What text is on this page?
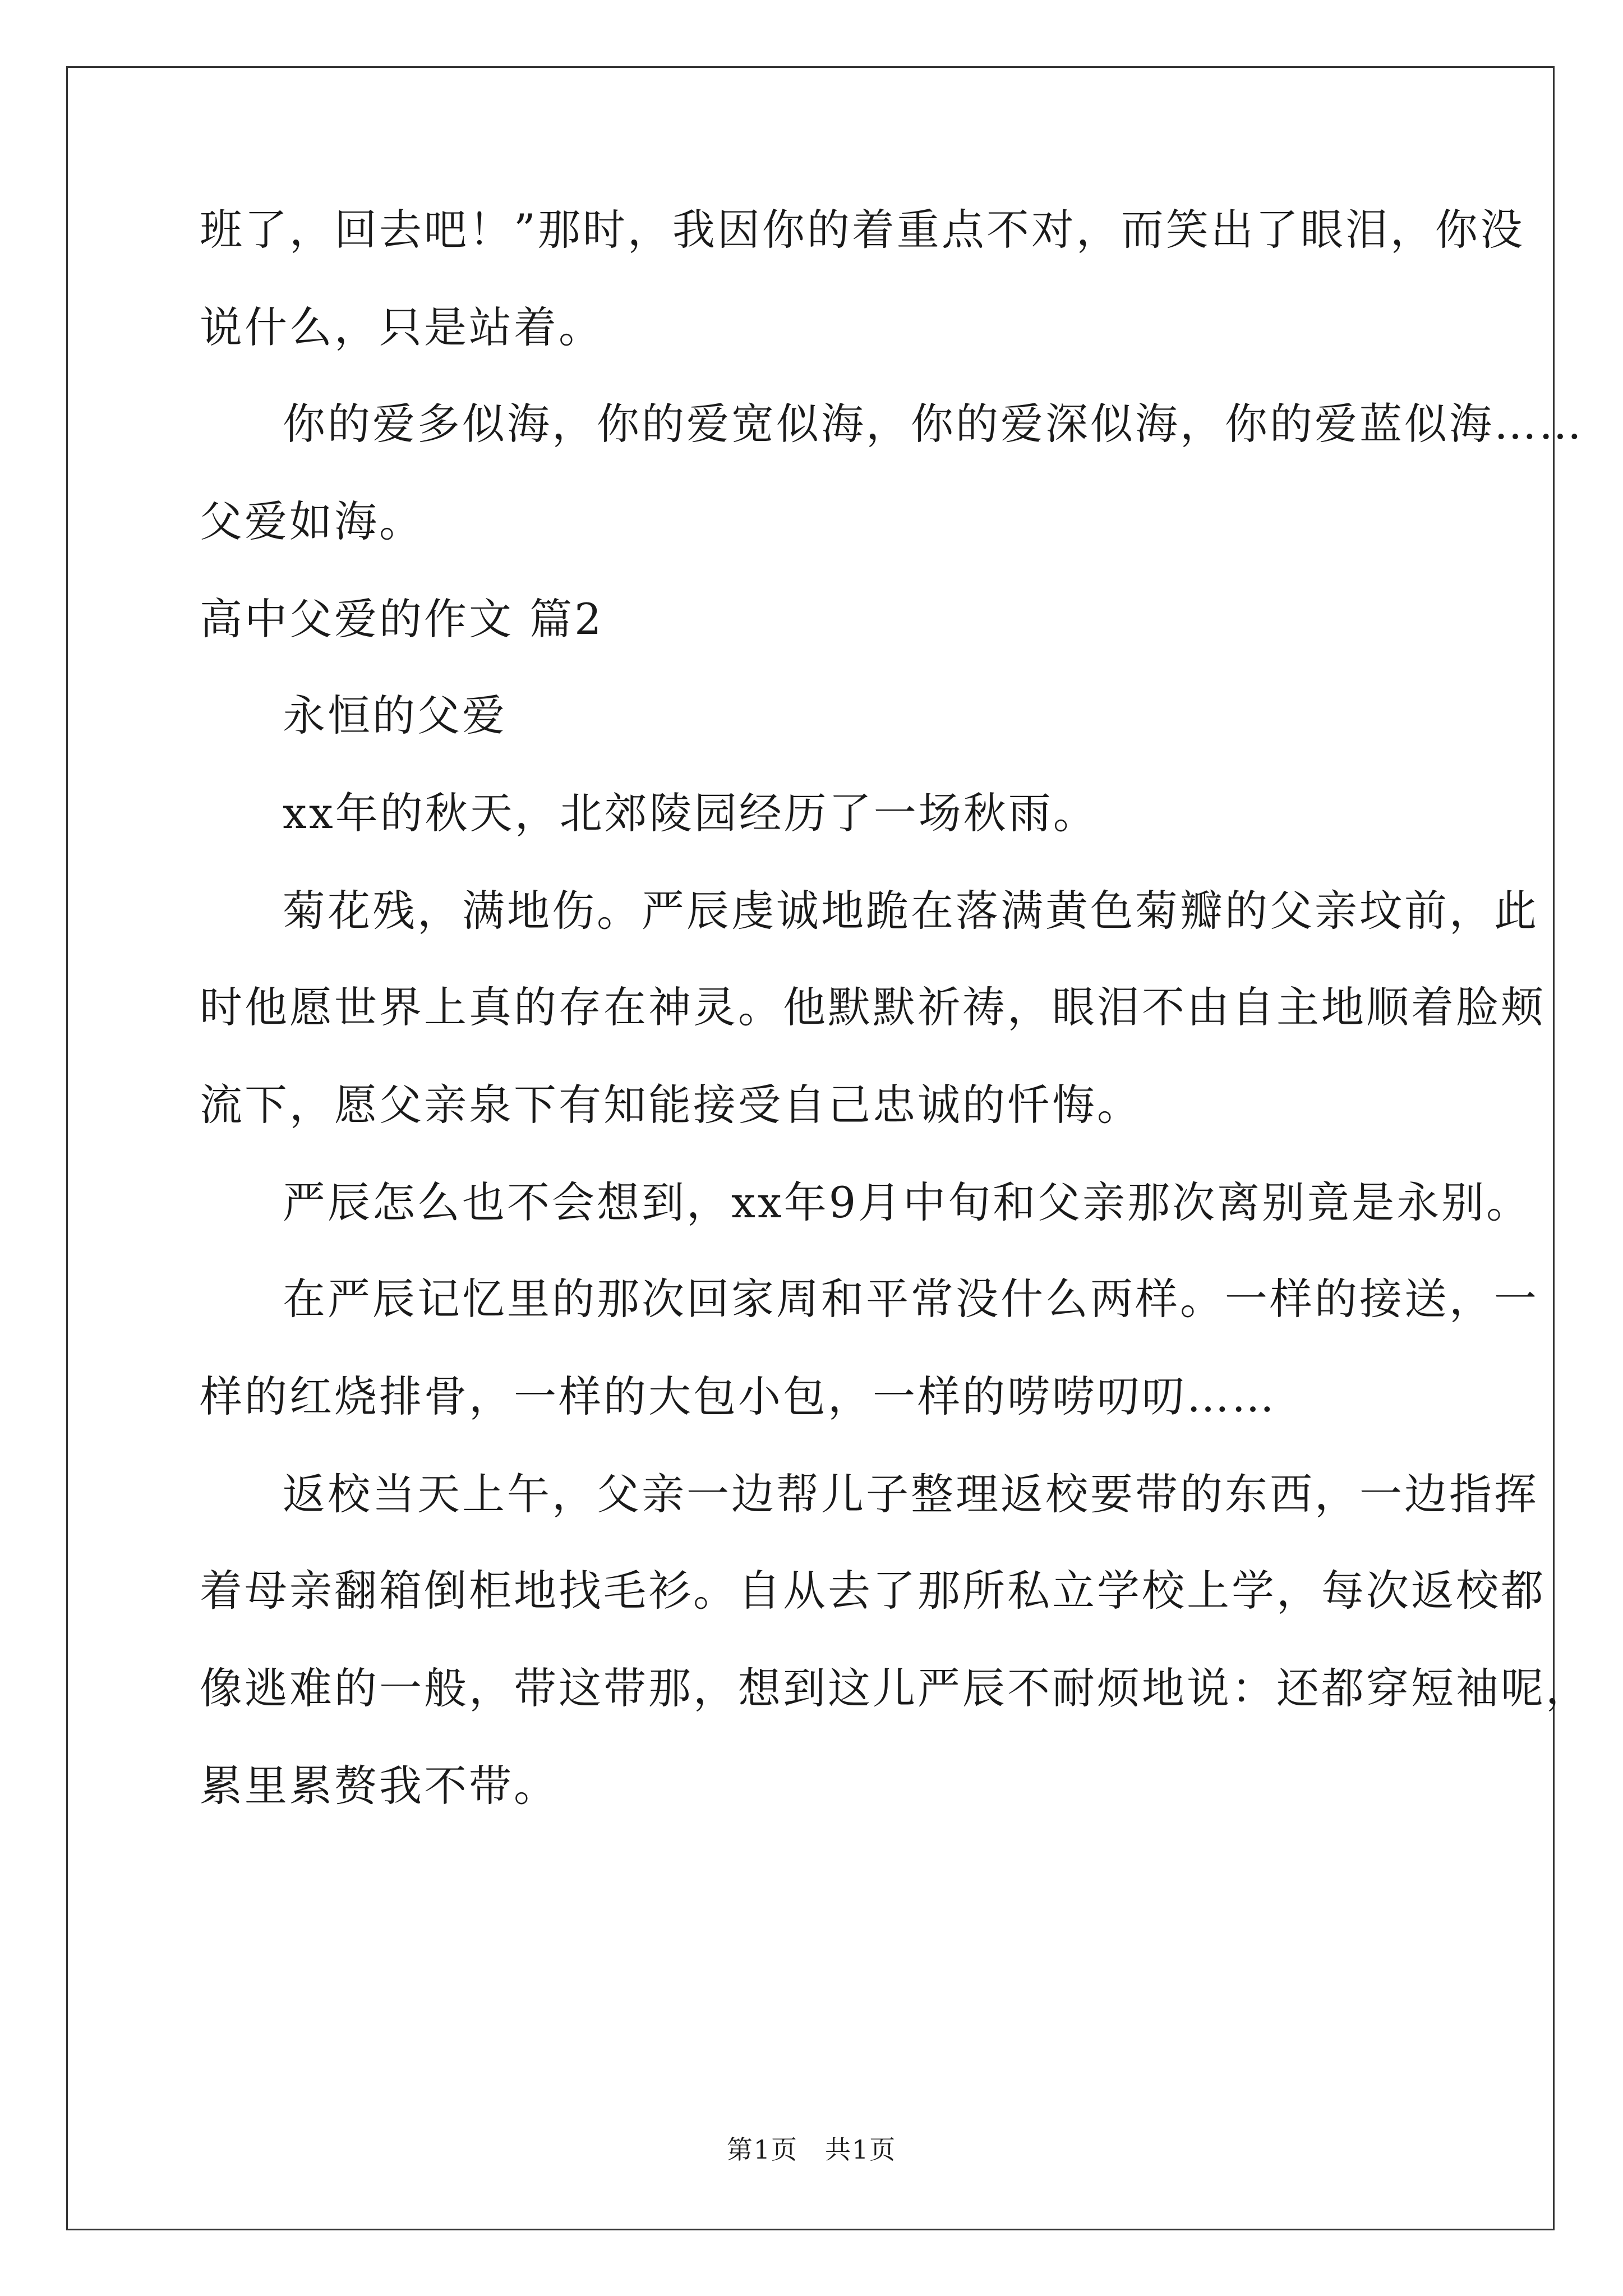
班了，回去吧！”那时，我因你的着重点不对，而笑出了眼泪，你没
说什么，只是站着。
你的爱多似海，你的爱宽似海，你的爱深似海，你的爱蓝似海……
父爱如海。
高中父爱的作文 篇2
永恒的父爱
xx年的秋天，北郊陵园经历了一场秋雨。
菊花残，满地伤。严辰虔诚地跪在落满黄色菊瓣的父亲坟前，此
时他愿世界上真的存在神灵。他默默祈祷，眼泪不由自主地顺着脸颊
流下，愿父亲泉下有知能接受自己忠诚的忏悔。
严辰怎么也不会想到，xx年9月中旬和父亲那次离别竟是永别。
在严辰记忆里的那次回家周和平常没什么两样。一样的接送，一
样的红烧排骨，一样的大包小包，一样的唠唠叨叨……
返校当天上午，父亲一边帮儿子整理返校要带的东西，一边指挥
着母亲翻箱倒柜地找毛衫。自从去了那所私立学校上学，每次返校都
像逃难的一般，带这带那，想到这儿严辰不耐烦地说：还都穿短袖呢，
累里累赘我不带。
第1页　共1页
